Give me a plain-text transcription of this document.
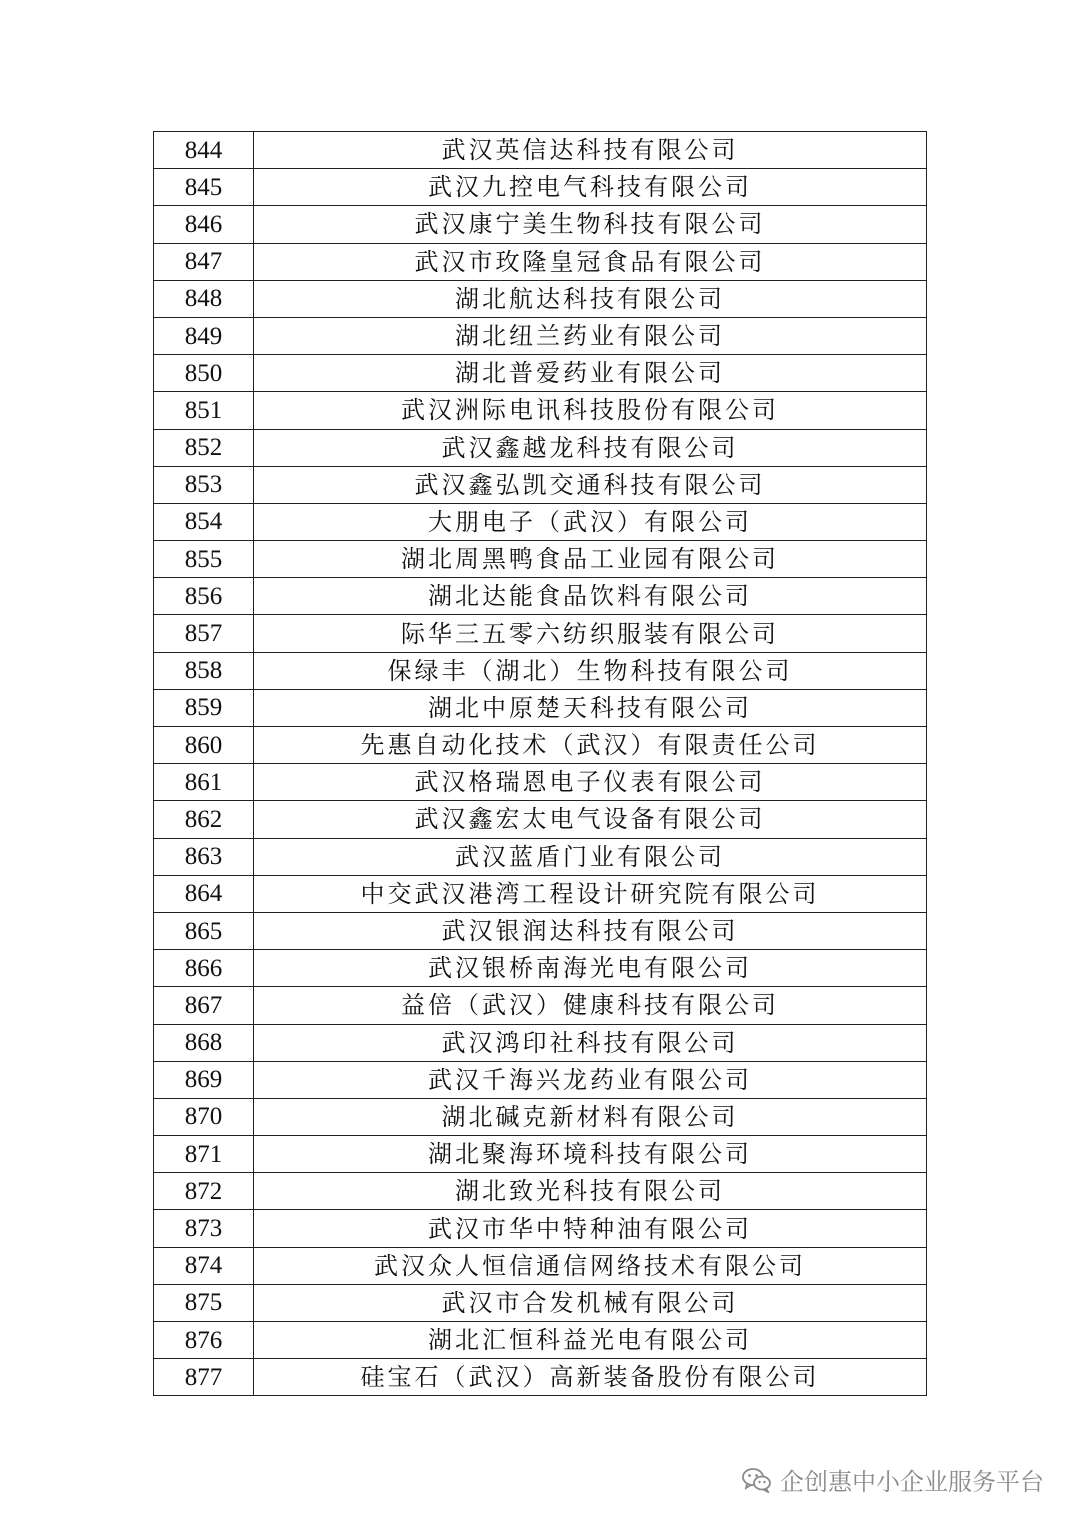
844	武汉英信达科技有限公司
845	武汉九控电气科技有限公司
846	武汉康宁美生物科技有限公司
847	武汉市玫隆皇冠食品有限公司
848	湖北航达科技有限公司
849	湖北纽兰药业有限公司
850	湖北普爱药业有限公司
851	武汉洲际电讯科技股份有限公司
852	武汉鑫越龙科技有限公司
853	武汉鑫弘凯交通科技有限公司
854	大朋电子（武汉）有限公司
855	湖北周黑鸭食品工业园有限公司
856	湖北达能食品饮料有限公司
857	际华三五零六纺织服装有限公司
858	保绿丰（湖北）生物科技有限公司
859	湖北中原楚天科技有限公司
860	先惠自动化技术（武汉）有限责任公司
861	武汉格瑞恩电子仪表有限公司
862	武汉鑫宏太电气设备有限公司
863	武汉蓝盾门业有限公司
864	中交武汉港湾工程设计研究院有限公司
865	武汉银润达科技有限公司
866	武汉银桥南海光电有限公司
867	益倍（武汉）健康科技有限公司
868	武汉鸿印社科技有限公司
869	武汉千海兴龙药业有限公司
870	湖北碱克新材料有限公司
871	湖北聚海环境科技有限公司
872	湖北致光科技有限公司
873	武汉市华中特种油有限公司
874	武汉众人恒信通信网络技术有限公司
875	武汉市合发机械有限公司
876	湖北汇恒科益光电有限公司
877	硅宝石（武汉）高新装备股份有限公司
企创惠中小企业服务平台
